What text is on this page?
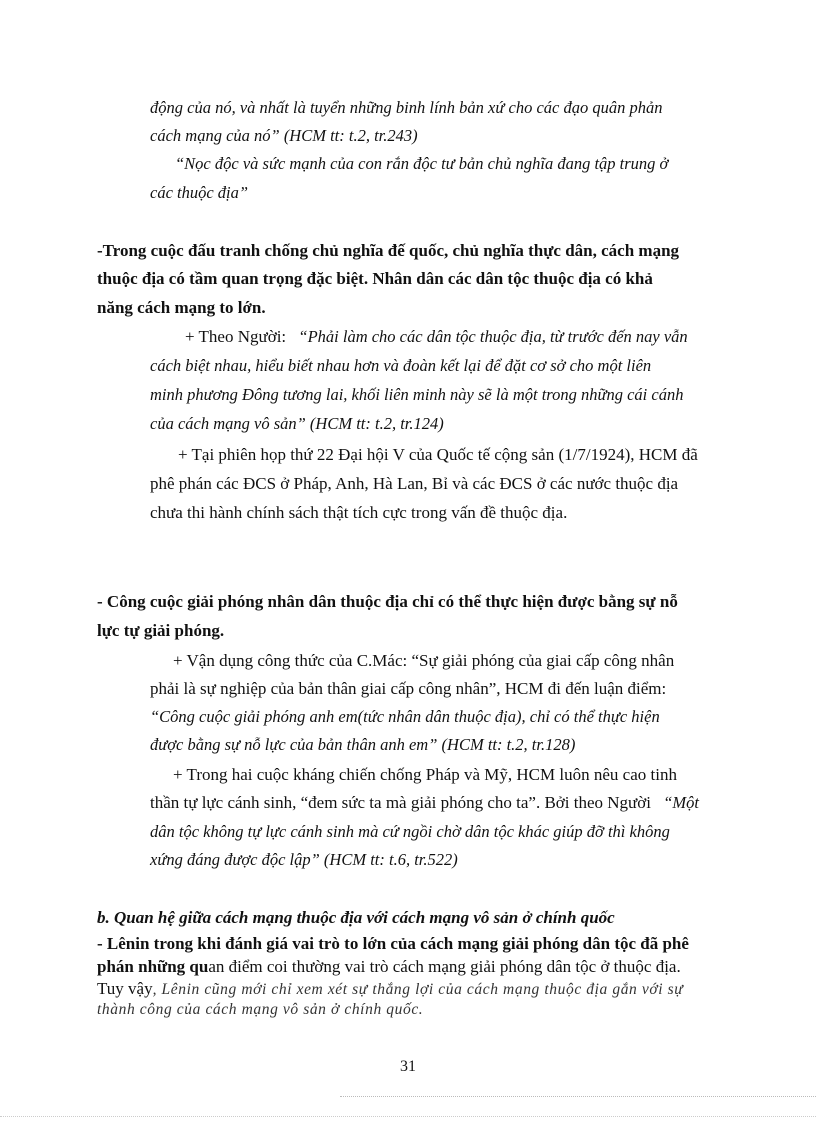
động của nó, và nhất là tuyển những binh lính bản xứ cho các đạo quân phản
cách mạng của nó” (HCM tt: t.2, tr.243)
“Nọc độc và sức mạnh của con rắn độc tư bản chủ nghĩa đang tập trung ở
các thuộc địa”
-Trong cuộc đấu tranh chống chủ nghĩa đế quốc, chủ nghĩa thực dân, cách mạng
thuộc địa có tầm quan trọng đặc biệt. Nhân dân các dân tộc thuộc địa có khả
năng cách mạng to lớn.
+ Theo Người: “Phải làm cho các dân tộc thuộc địa, từ trước đến nay vẫn
cách biệt nhau, hiểu biết nhau hơn và đoàn kết lại để đặt cơ sở cho một liên
minh phương Đông tương lai, khối liên minh này sẽ là một trong những cái cánh
của cách mạng vô sản” (HCM tt: t.2, tr.124)
+ Tại phiên họp thứ 22 Đại hội V của Quốc tế cộng sản (1/7/1924), HCM đã
phê phán các ĐCS ở Pháp, Anh, Hà Lan, Bỉ và các ĐCS ở các nước thuộc địa
chưa thi hành chính sách thật tích cực trong vấn đề thuộc địa.
- Công cuộc giải phóng nhân dân thuộc địa chỉ có thể thực hiện được bằng sự nỗ
lực tự giải phóng.
+ Vận dụng công thức của C.Mác: “Sự giải phóng của giai cấp công nhân
phải là sự nghiệp của bản thân giai cấp công nhân”, HCM đi đến luận điểm:
“Công cuộc giải phóng anh em(tức nhân dân thuộc địa), chỉ có thể thực hiện
được bằng sự nỗ lực của bản thân anh em” (HCM tt: t.2, tr.128)
+ Trong hai cuộc kháng chiến chống Pháp và Mỹ, HCM luôn nêu cao tinh
thần tự lực cánh sinh, “đem sức ta mà giải phóng cho ta”. Bởi theo Người “Một
dân tộc không tự lực cánh sinh mà cứ ngồi chờ dân tộc khác giúp đỡ thì không
xứng đáng được độc lập” (HCM tt: t.6, tr.522)
b. Quan hệ giữa cách mạng thuộc địa với cách mạng vô sản ở chính quốc
- Lênin trong khi đánh giá vai trò to lớn của cách mạng giải phóng dân tộc đã phê
phán những quan điểm coi thường vai trò cách mạng giải phóng dân tộc ở thuộc địa.
Tuy vậy, Lênin cũng mới chỉ xem xét sự thắng lợi của cách mạng thuộc địa gắn với sự
thành công của cách mạng vô sản ở chính quốc.
31
